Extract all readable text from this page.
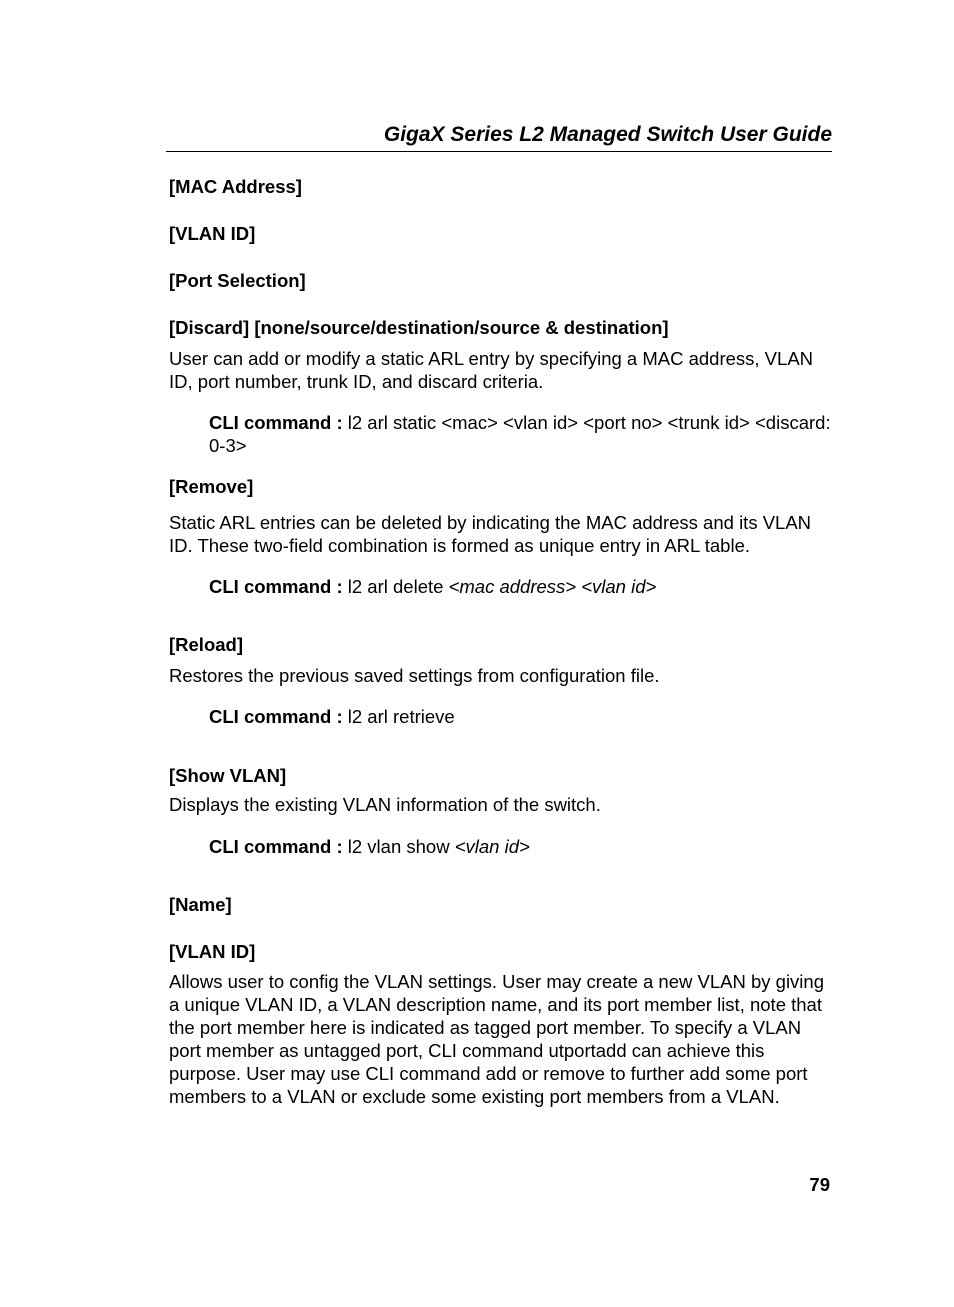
GigaX Series L2 Managed Switch User Guide
[MAC Address]
[VLAN ID]
[Port Selection]
[Discard] [none/source/destination/source & destination]
User can add or modify a static ARL entry by specifying a MAC address, VLAN ID, port number, trunk ID, and discard criteria.
CLI command : l2 arl static <mac> <vlan id> <port no> <trunk id> <discard: 0-3>
[Remove]
Static ARL entries can be deleted by indicating the MAC address and its VLAN ID. These two-field combination is formed as unique entry in ARL table.
CLI command : l2 arl delete <mac address> <vlan id>
[Reload]
Restores the previous saved settings from configuration file.
CLI command : l2 arl retrieve
[Show VLAN]
Displays the existing VLAN information of the switch.
CLI command : l2 vlan show <vlan id>
[Name]
[VLAN ID]
Allows user to config the VLAN settings. User may create a new VLAN by giving a unique VLAN ID, a VLAN description name, and its port member list, note that the port member here is indicated as tagged port member. To specify a VLAN port member as untagged port, CLI command utportadd can achieve this purpose. User may use CLI command add or remove to further add some port members to a VLAN or exclude some existing port members from a VLAN.
79
